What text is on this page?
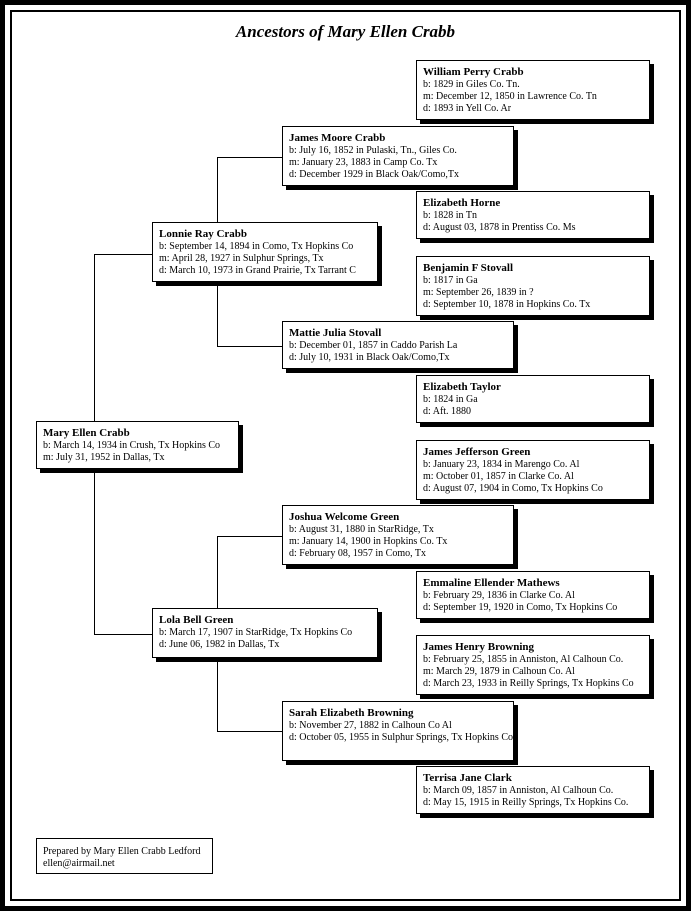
Ancestors of Mary Ellen Crabb
Mary Ellen Crabb
b: March 14, 1934 in Crush, Tx Hopkins Co
m: July 31, 1952 in Dallas, Tx
Lonnie Ray Crabb
b: September 14, 1894 in Como, Tx Hopkins Co
m: April 28, 1927 in Sulphur Springs, Tx
d: March 10, 1973 in Grand Prairie, Tx Tarrant C
Lola Bell Green
b: March 17, 1907 in StarRidge, Tx Hopkins Co
d: June 06, 1982 in Dallas, Tx
James Moore Crabb
b: July 16, 1852 in Pulaski, Tn., Giles Co.
m: January 23, 1883 in Camp Co. Tx
d: December 1929 in Black Oak/Como,Tx
Mattie Julia Stovall
b: December 01, 1857 in Caddo Parish La
d: July 10, 1931 in Black Oak/Como,Tx
Joshua Welcome Green
b: August 31, 1880 in StarRidge, Tx
m: January 14, 1900 in Hopkins Co. Tx
d: February 08, 1957 in Como, Tx
Sarah Elizabeth Browning
b: November 27, 1882 in Calhoun Co Al
d: October 05, 1955 in Sulphur Springs, Tx Hopkins Co
William Perry Crabb
b: 1829 in Giles Co. Tn.
m: December 12, 1850 in Lawrence Co. Tn
d: 1893 in Yell Co. Ar
Elizabeth Horne
b: 1828 in Tn
d: August 03, 1878 in Prentiss Co. Ms
Benjamin F Stovall
b: 1817 in Ga
m: September 26, 1839 in ?
d: September 10, 1878 in Hopkins Co. Tx
Elizabeth Taylor
b: 1824 in Ga
d: Aft. 1880
James Jefferson Green
b: January 23, 1834 in Marengo Co. Al
m: October 01, 1857 in Clarke Co. Al
d: August 07, 1904 in Como, Tx Hopkins Co
Emmaline Ellender Mathews
b: February 29, 1836 in Clarke Co. Al
d: September 19, 1920 in Como, Tx Hopkins Co
James Henry Browning
b: February 25, 1855 in Anniston, Al Calhoun Co.
m: March 29, 1879 in Calhoun Co. Al
d: March 23, 1933 in Reilly Springs, Tx Hopkins Co
Terrisa Jane Clark
b: March 09, 1857 in Anniston, Al Calhoun Co.
d: May 15, 1915 in Reilly Springs, Tx Hopkins Co.
Prepared by Mary Ellen Crabb Ledford
ellen@airmail.net
